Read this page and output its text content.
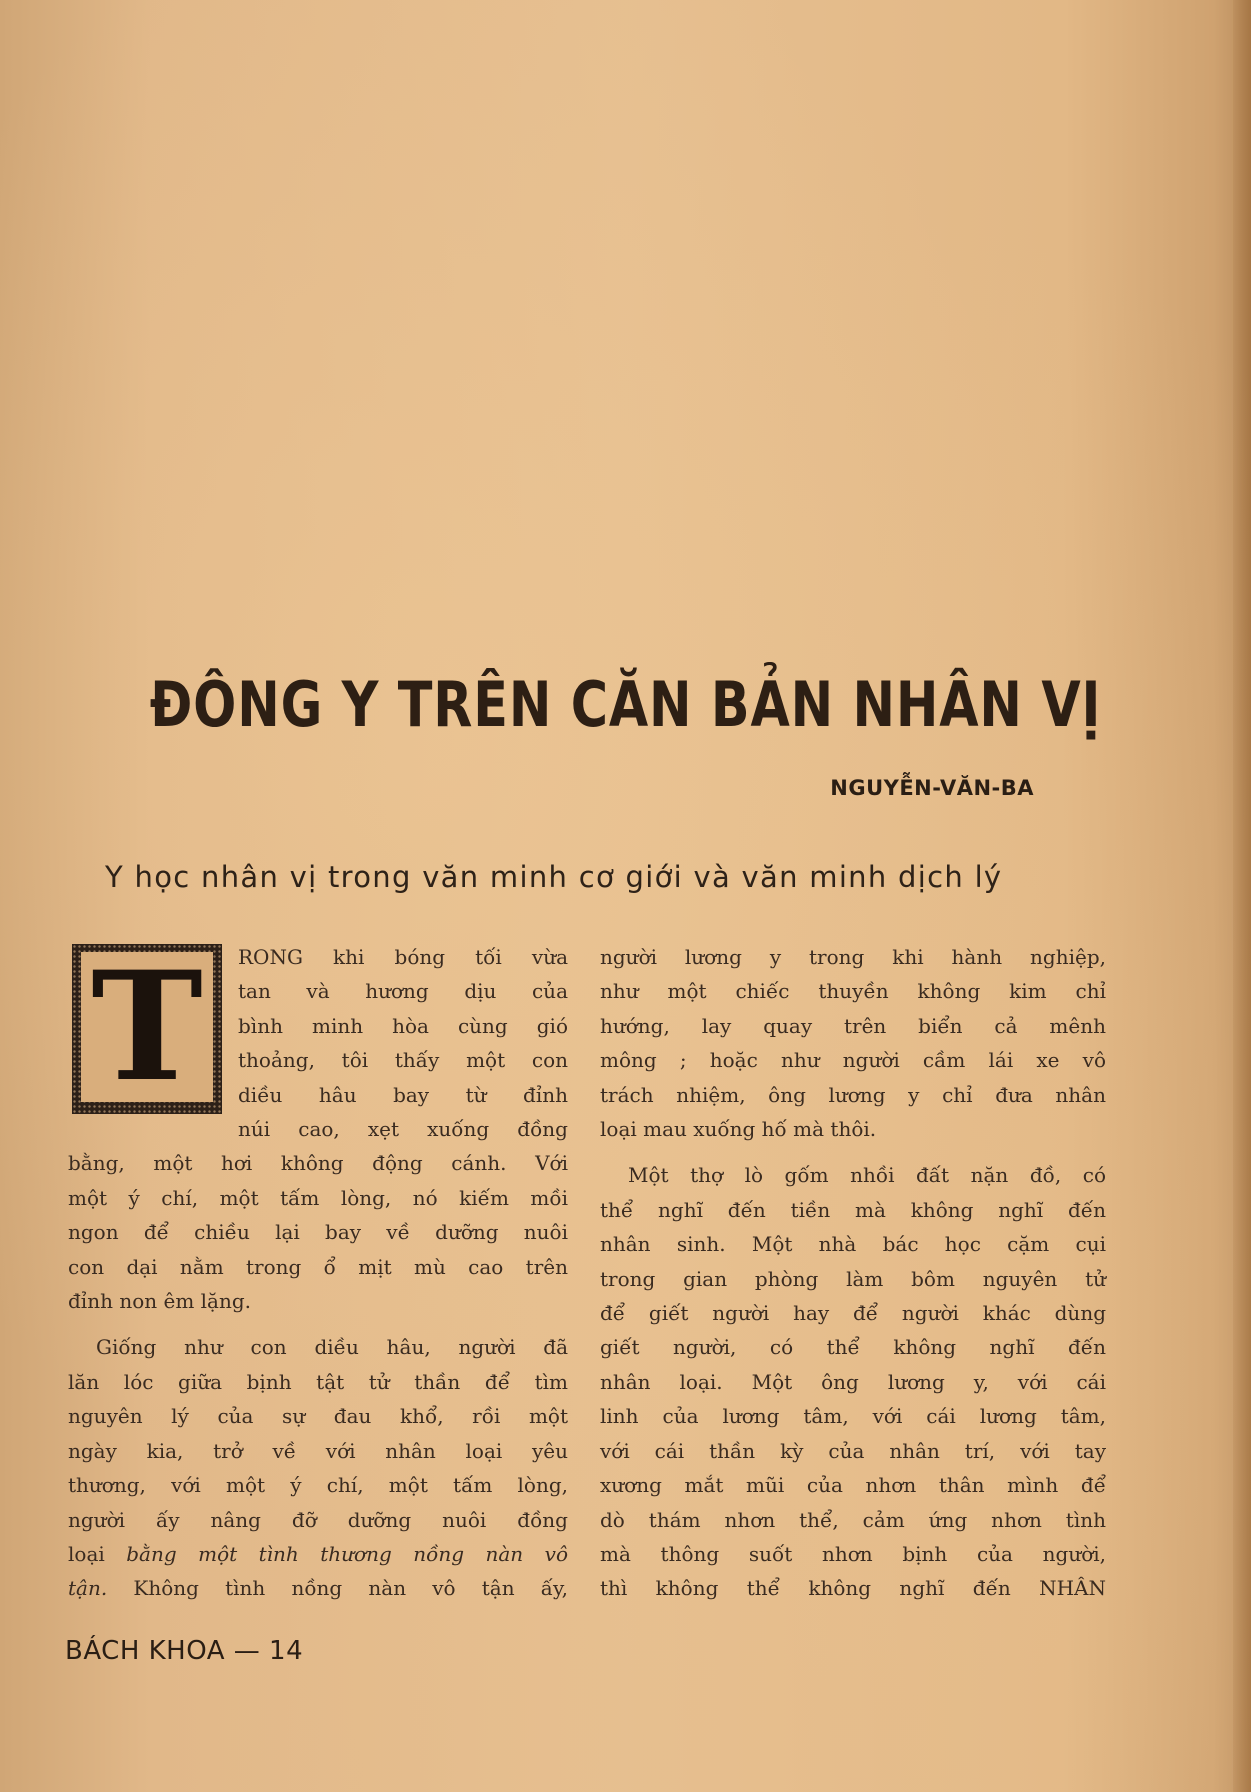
ĐÔNG Y TRÊN CĂN BẢN NHÂN VỊ
NGUYỄN-VĂN-BA
Y học nhân vị trong văn minh cơ giới và văn minh dịch lý
T	RONG khi bóng tối vừa
tan và hương dịu của
bình minh hòa cùng gió
thoảng, tôi thấy một con
diều hâu bay từ đỉnh
núi cao, xẹt xuống đồng
bằng, một hơi không động cánh. Với
một ý chí, một tấm lòng, nó kiếm mồi
ngon để chiều lại bay về dưỡng nuôi
con dại nằm trong ổ mịt mù cao trên
đỉnh non êm lặng.

Giống như con diều hâu, người đã
lăn lóc giữa bịnh tật tử thần để tìm
nguyên lý của sự đau khổ, rồi một
ngày kia, trở về với nhân loại yêu
thương, với một ý chí, một tấm lòng,
người ấy nâng đỡ dưỡng nuôi đồng
loại bằng một tình thương nồng nàn vô
tận. Không tình nồng nàn vô tận ấy,

người lương y trong khi hành nghiệp,
như một chiếc thuyền không kim chỉ
hướng, lay quay trên biển cả mênh
mông ; hoặc như người cầm lái xe vô
trách nhiệm, ông lương y chỉ đưa nhân
loại mau xuống hố mà thôi.

Một thợ lò gốm nhồi đất nặn đồ, có
thể nghĩ đến tiền mà không nghĩ đến
nhân sinh. Một nhà bác học cặm cụi
trong gian phòng làm bôm nguyên tử
để giết người hay để người khác dùng
giết người, có thể không nghĩ đến
nhân loại. Một ông lương y, với cái
linh của lương tâm, với cái lương tâm,
với cái thần kỳ của nhân trí, với tay
xương mắt mũi của nhơn thân mình để
dò thám nhơn thể, cảm ứng nhơn tình
mà thông suốt nhơn bịnh của người,
thì không thể không nghĩ đến NHÂN

BÁCH KHOA — 14
